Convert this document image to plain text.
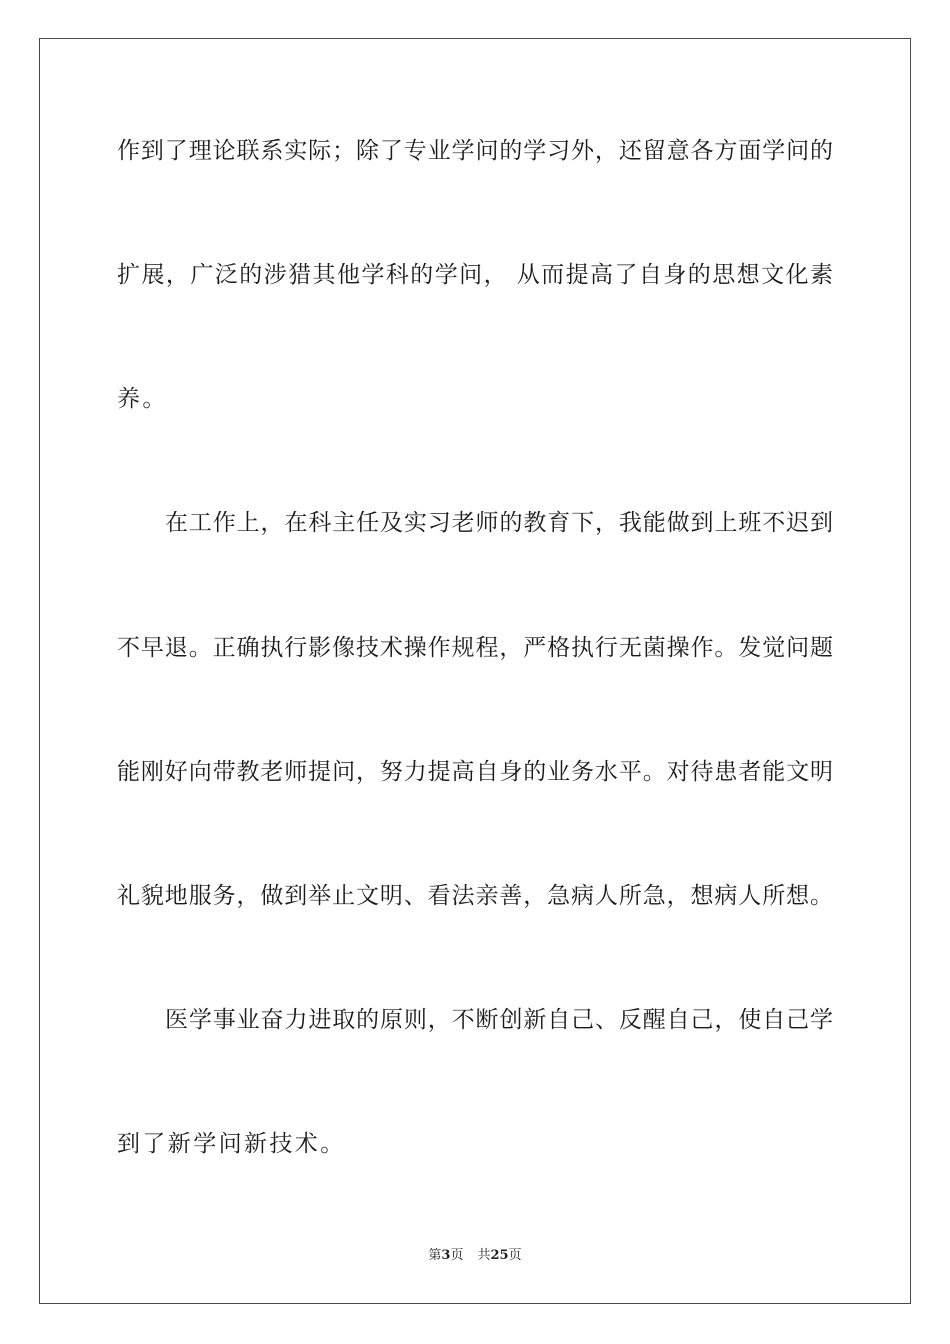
作到了理论联系实际；除了专业学问的学习外，还留意各方面学问的
扩展，广泛的涉猎其他学科的学问， 从而提高了自身的思想文化素
养。
在工作上，在科主任及实习老师的教育下，我能做到上班不迟到
不早退。正确执行影像技术操作规程，严格执行无菌操作。发觉问题
能刚好向带教老师提问，努力提高自身的业务水平。对待患者能文明
礼貌地服务，做到举止文明、看法亲善，急病人所急，想病人所想。
医学事业奋力进取的原则，不断创新自己、反醒自己，使自己学
到了新学问新技术。
第3页 共25页
